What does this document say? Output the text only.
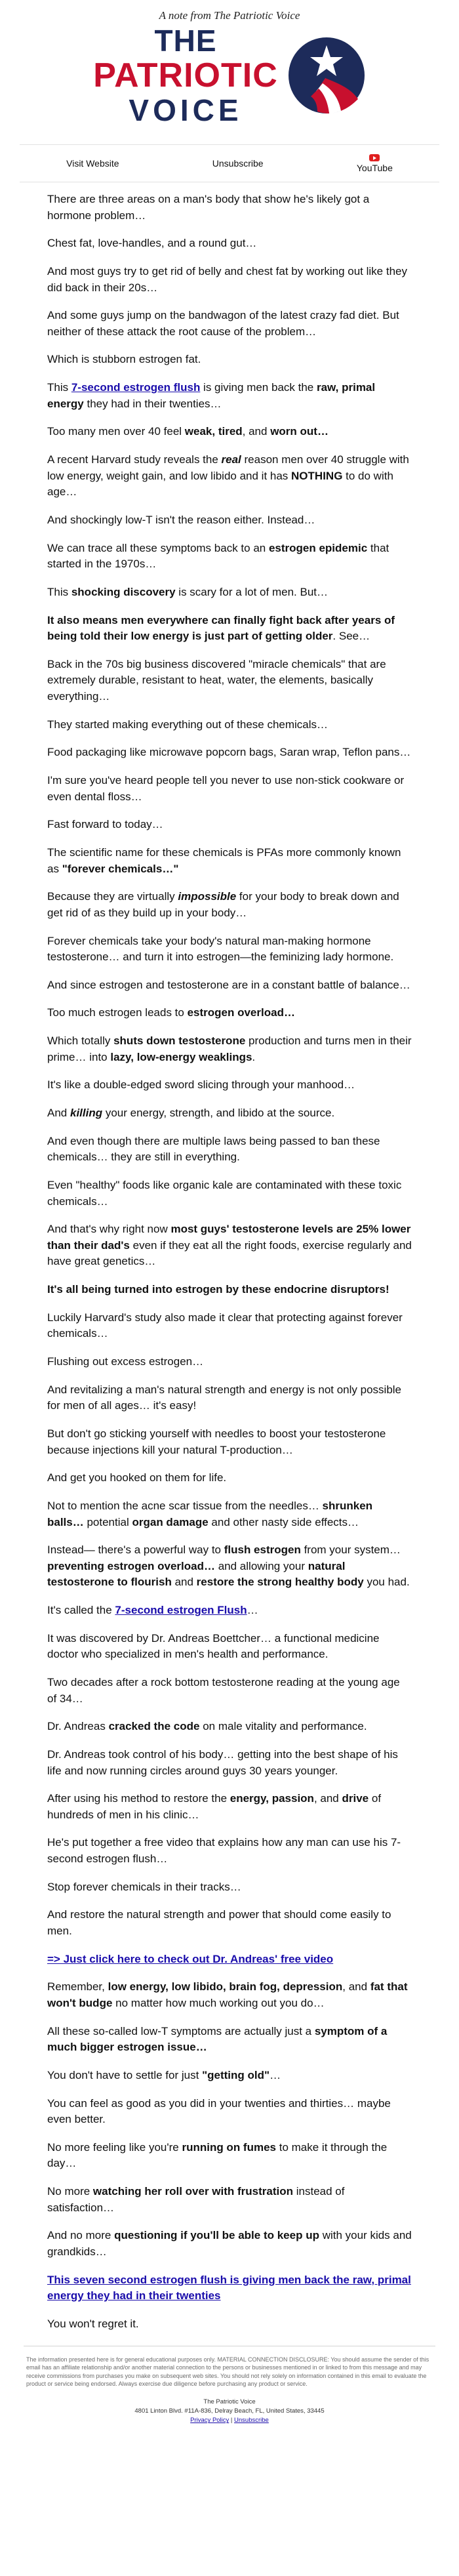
A note from The Patriotic Voice
THE
PATRIOTIC
VOICE
Visit Website	Unsubscribe	YouTube

There are three areas on a man's body that show he's likely got a hormone problem…

Chest fat, love-handles, and a round gut…

And most guys try to get rid of belly and chest fat by working out like they did back in their 20s…

And some guys jump on the bandwagon of the latest crazy fad diet. But neither of these attack the root cause of the problem…

Which is stubborn estrogen fat.

This 7-second estrogen flush is giving men back the raw, primal energy they had in their twenties…

Too many men over 40 feel weak, tired, and worn out…

A recent Harvard study reveals the real reason men over 40 struggle with low energy, weight gain, and low libido and it has NOTHING to do with age…

And shockingly low-T isn't the reason either. Instead…

We can trace all these symptoms back to an estrogen epidemic that started in the 1970s…

This shocking discovery is scary for a lot of men. But…

It also means men everywhere can finally fight back after years of being told their low energy is just part of getting older. See…

Back in the 70s big business discovered "miracle chemicals" that are extremely durable, resistant to heat, water, the elements, basically everything…

They started making everything out of these chemicals…

Food packaging like microwave popcorn bags, Saran wrap, Teflon pans…

I'm sure you've heard people tell you never to use non-stick cookware or even dental floss…

Fast forward to today…

The scientific name for these chemicals is PFAs more commonly known as "forever chemicals…"

Because they are virtually impossible for your body to break down and get rid of as they build up in your body…

Forever chemicals take your body's natural man-making hormone testosterone… and turn it into estrogen—the feminizing lady hormone.

And since estrogen and testosterone are in a constant battle of balance…

Too much estrogen leads to estrogen overload…

Which totally shuts down testosterone production and turns men in their prime… into lazy, low-energy weaklings.

It's like a double-edged sword slicing through your manhood…

And killing your energy, strength, and libido at the source.

And even though there are multiple laws being passed to ban these chemicals… they are still in everything.

Even "healthy" foods like organic kale are contaminated with these toxic chemicals…

And that's why right now most guys' testosterone levels are 25% lower than their dad's even if they eat all the right foods, exercise regularly and have great genetics…

It's all being turned into estrogen by these endocrine disruptors!

Luckily Harvard's study also made it clear that protecting against forever chemicals…

Flushing out excess estrogen…

And revitalizing a man's natural strength and energy is not only possible for men of all ages… it's easy!

But don't go sticking yourself with needles to boost your testosterone because injections kill your natural T-production…

And get you hooked on them for life.

Not to mention the acne scar tissue from the needles… shrunken balls… potential organ damage and other nasty side effects…

Instead— there's a powerful way to flush estrogen from your system… preventing estrogen overload… and allowing your natural testosterone to flourish and restore the strong healthy body you had.

It's called the 7-second estrogen Flush…

It was discovered by Dr. Andreas Boettcher… a functional medicine doctor who specialized in men's health and performance.

Two decades after a rock bottom testosterone reading at the young age of 34…

Dr. Andreas cracked the code on male vitality and performance.

Dr. Andreas took control of his body… getting into the best shape of his life and now running circles around guys 30 years younger.

After using his method to restore the energy, passion, and drive of hundreds of men in his clinic…

He's put together a free video that explains how any man can use his 7-second estrogen flush…

Stop forever chemicals in their tracks…

And restore the natural strength and power that should come easily to men.

=> Just click here to check out Dr. Andreas' free video

Remember, low energy, low libido, brain fog, depression, and fat that won't budge no matter how much working out you do…

All these so-called low-T symptoms are actually just a symptom of a much bigger estrogen issue…

You don't have to settle for just "getting old"…

You can feel as good as you did in your twenties and thirties… maybe even better.

No more feeling like you're running on fumes to make it through the day…

No more watching her roll over with frustration instead of satisfaction…

And no more questioning if you'll be able to keep up with your kids and grandkids…

This seven second estrogen flush is giving men back the raw, primal energy they had in their twenties

You won't regret it.

The information presented here is for general educational purposes only. MATERIAL CONNECTION DISCLOSURE: You should assume the sender of this email has an affiliate relationship and/or another material connection to the persons or businesses mentioned in or linked to from this message and may receive commissions from purchases you make on subsequent web sites. You should not rely solely on information contained in this email to evaluate the product or service being endorsed. Always exercise due diligence before purchasing any product or service.
The Patriotic Voice
4801 Linton Blvd. #11A-836, Delray Beach, FL, United States, 33445
Privacy Policy | Unsubscribe
